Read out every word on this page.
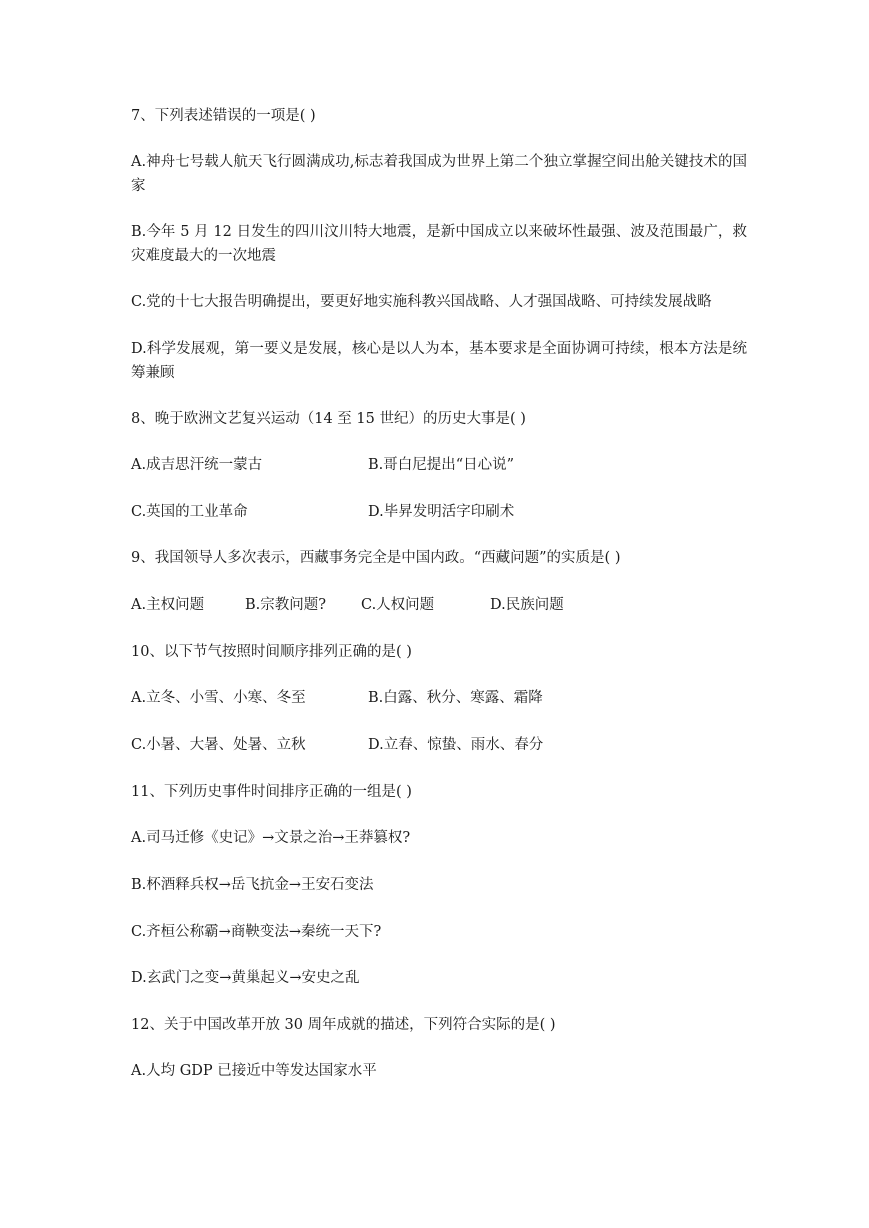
7、下列表述错误的一项是( )
A.神舟七号载人航天飞行圆满成功,标志着我国成为世界上第二个独立掌握空间出舱关键技术的国家
B.今年 5 月 12 日发生的四川汶川特大地震，是新中国成立以来破坏性最强、波及范围最广，救灾难度最大的一次地震
C.党的十七大报告明确提出，要更好地实施科教兴国战略、人才强国战略、可持续发展战略
D.科学发展观，第一要义是发展，核心是以人为本，基本要求是全面协调可持续，根本方法是统筹兼顾
8、晚于欧洲文艺复兴运动（14 至 15 世纪）的历史大事是( )
A.成吉思汗统一蒙古	B.哥白尼提出“日心说”
C.英国的工业革命	D.毕昇发明活字印刷术
9、我国领导人多次表示，西藏事务完全是中国内政。“西藏问题”的实质是( )
A.主权问题	B.宗教问题? C.人权问题	D.民族问题
10、以下节气按照时间顺序排列正确的是( )
A.立冬、小雪、小寒、冬至	B.白露、秋分、寒露、霜降
C.小暑、大暑、处暑、立秋	D.立春、惊蛰、雨水、春分
11、下列历史事件时间排序正确的一组是( )
A.司马迁修《史记》→文景之治→王莽篡权?
B.杯酒释兵权→岳飞抗金→王安石变法
C.齐桓公称霸→商鞅变法→秦统一天下?
D.玄武门之变→黄巢起义→安史之乱
12、关于中国改革开放 30 周年成就的描述，下列符合实际的是( )
A.人均 GDP 已接近中等发达国家水平
